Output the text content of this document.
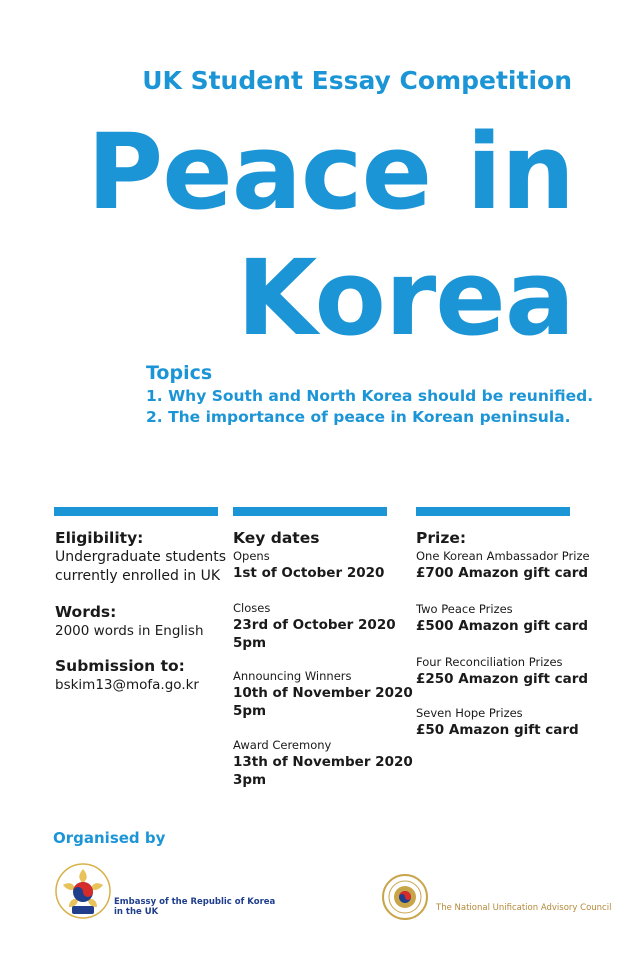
UK Student Essay Competition
Peace in
Korea
Topics
1. Why South and North Korea should be reunified.
2. The importance of peace in Korean peninsula.
Eligibility:
Undergraduate students
currently enrolled in UK
Words:
2000 words in English
Submission to:
bskim13@mofa.go.kr
Key dates
Opens
1st of October 2020
Closes
23rd of October 2020
5pm
Announcing Winners
10th of November 2020
5pm
Award Ceremony
13th of November 2020
3pm
Prize:
One Korean Ambassador Prize
£700 Amazon gift card
Two Peace Prizes
£500 Amazon gift card
Four Reconciliation Prizes
£250 Amazon gift card
Seven Hope Prizes
£50 Amazon gift card
Organised by
Embassy of the Republic of Korea
in the UK	The National Unification Advisory Council
